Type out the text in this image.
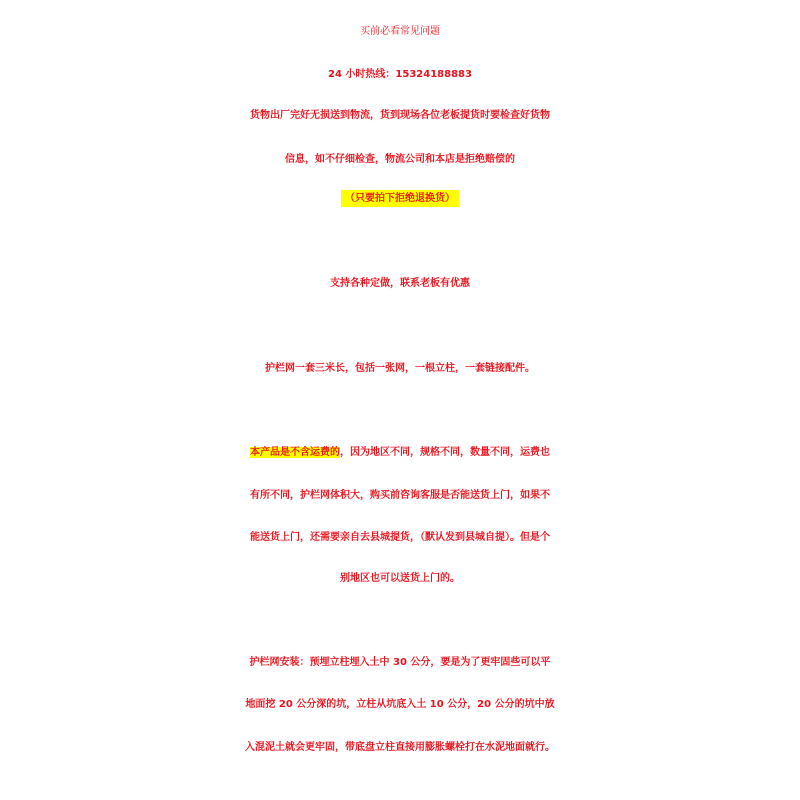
买前必看常见问题
24 小时热线：15324188883
货物出厂完好无损送到物流，货到现场各位老板提货时要检查好货物
信息，如不仔细检查，物流公司和本店是拒绝赔偿的
（只要拍下拒绝退换货）
支持各种定做，联系老板有优惠
护栏网一套三米长，包括一张网，一根立柱，一套链接配件。
本产品是不含运费的，因为地区不同，规格不同，数量不同，运费也
有所不同，护栏网体积大，购买前咨询客服是否能送货上门，如果不
能送货上门，还需要亲自去县城提货，（默认发到县城自提）。但是个
别地区也可以送货上门的。
护栏网安装：预埋立柱埋入土中 30 公分，要是为了更牢固些可以平
地面挖 20 公分深的坑，立柱从坑底入土 10 公分，20 公分的坑中放
入混泥土就会更牢固，带底盘立柱直接用膨胀螺栓打在水泥地面就行。
